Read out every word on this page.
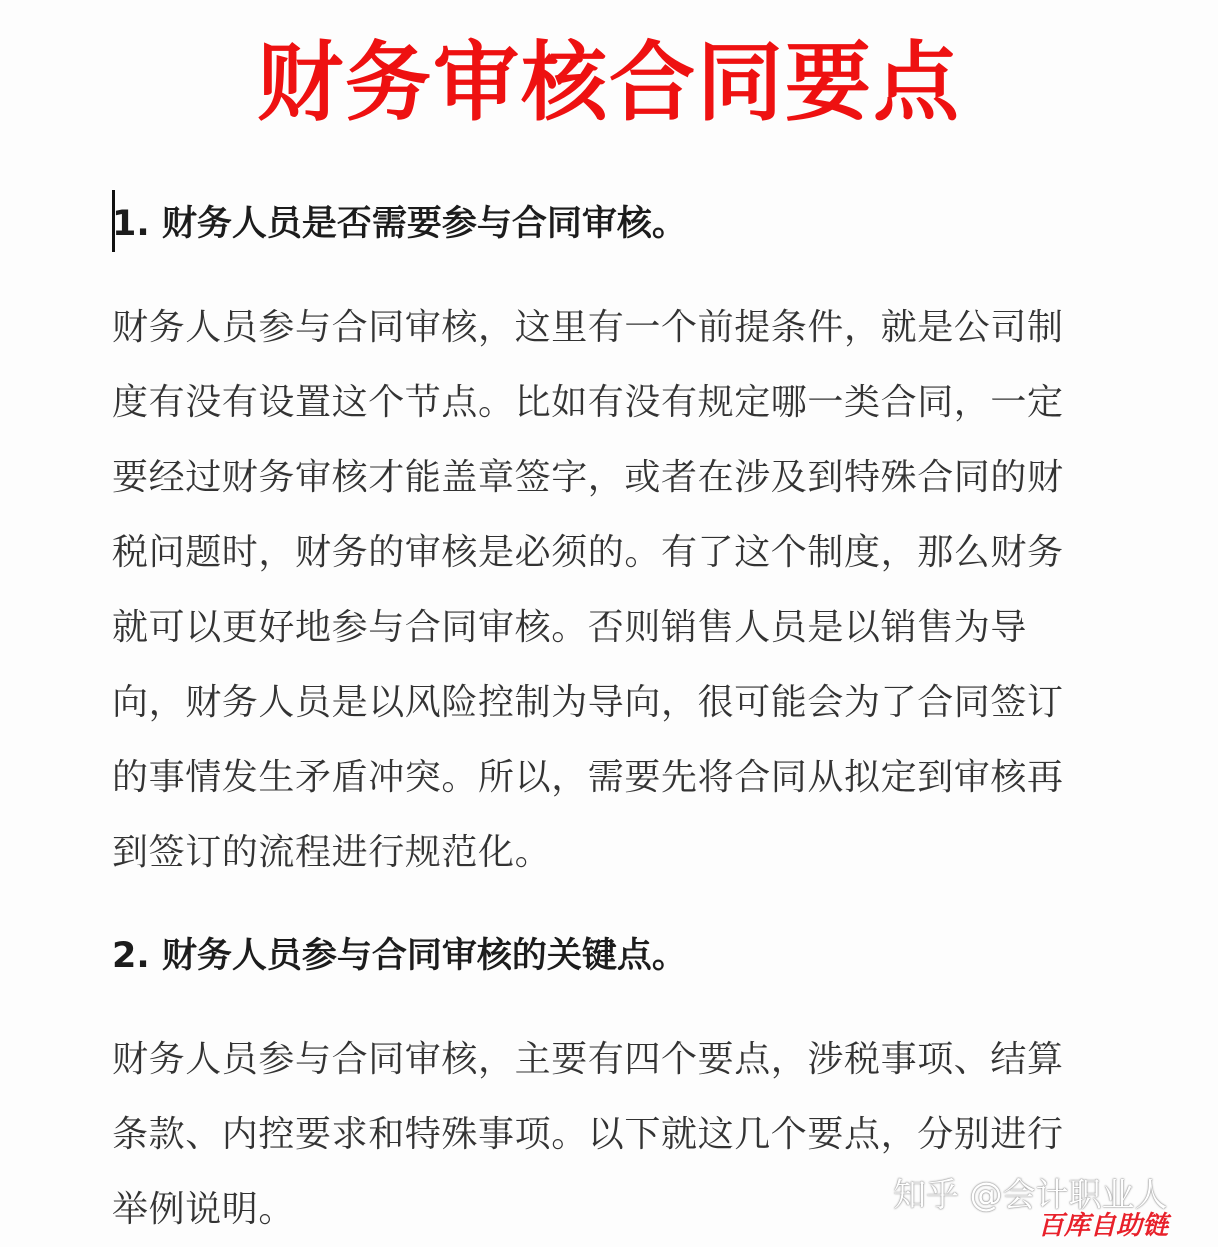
财务审核合同要点
1. 财务人员是否需要参与合同审核。
财务人员参与合同审核，这里有一个前提条件，就是公司制
度有没有设置这个节点。比如有没有规定哪一类合同，一定
要经过财务审核才能盖章签字，或者在涉及到特殊合同的财
税问题时，财务的审核是必须的。有了这个制度，那么财务
就可以更好地参与合同审核。否则销售人员是以销售为导
向，财务人员是以风险控制为导向，很可能会为了合同签订
的事情发生矛盾冲突。所以，需要先将合同从拟定到审核再
到签订的流程进行规范化。
2. 财务人员参与合同审核的关键点。
财务人员参与合同审核，主要有四个要点，涉税事项、结算
条款、内控要求和特殊事项。以下就这几个要点，分别进行
举例说明。	知乎 @会计职业人
百库自助链
